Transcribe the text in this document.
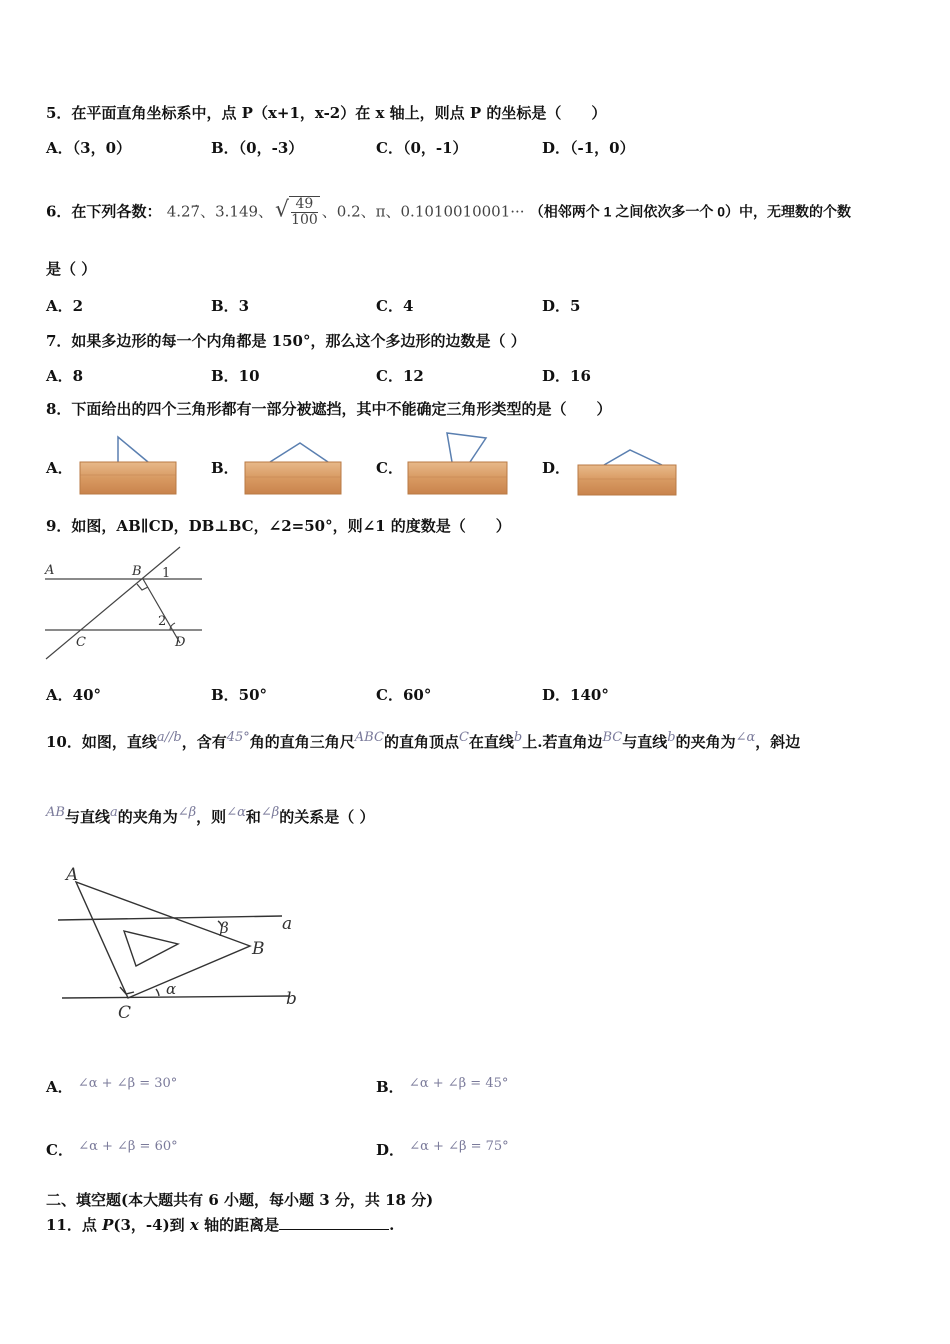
5．在平面直角坐标系中，点 P（x+1，x-2）在 x 轴上，则点 P 的坐标是（　　）
A．（3，0）	B．（0，-3）	C．（0，-1）	D．（-1，0）
6．在下列各数： 4.27̇、3.149、√ $\frac{49}{100}$ 、0.2、π、0.1010010001··· （相邻两个 1 之间依次多一个 0）中，无理数的个数
是（ ）
A．2	B．3	C．4	D．5
7．如果多边形的每一个内角都是 150°，那么这个多边形的边数是（ ）
A．8	B．10	C．12	D．16
8．下面给出的四个三角形都有一部分被遮挡，其中不能确定三角形类型的是（　　）
A．	B．	C．	D．
9．如图，AB∥CD，DB⊥BC，∠2=50°，则∠1 的度数是（　　）
A	B 1
2
C	D
A．40°	B．50°	C．60°	D．140°
10．如图，直线a//b，含有45°角的直角三角尺ABC的直角顶点C在直线b上.若直角边BC与直线b的夹角为∠α，斜边
AB与直线a的夹角为∠β，则∠α和∠β的关系是（ ）
A
β	a
B
α
C
b
A． ∠α + ∠β = 30°	B． ∠α + ∠β = 45°
C． ∠α + ∠β = 60°	D． ∠α + ∠β = 75°
二、填空题(本大题共有 6 小题，每小题 3 分，共 18 分)
11．点 P(3，-4)到 x 轴的距离是	.
